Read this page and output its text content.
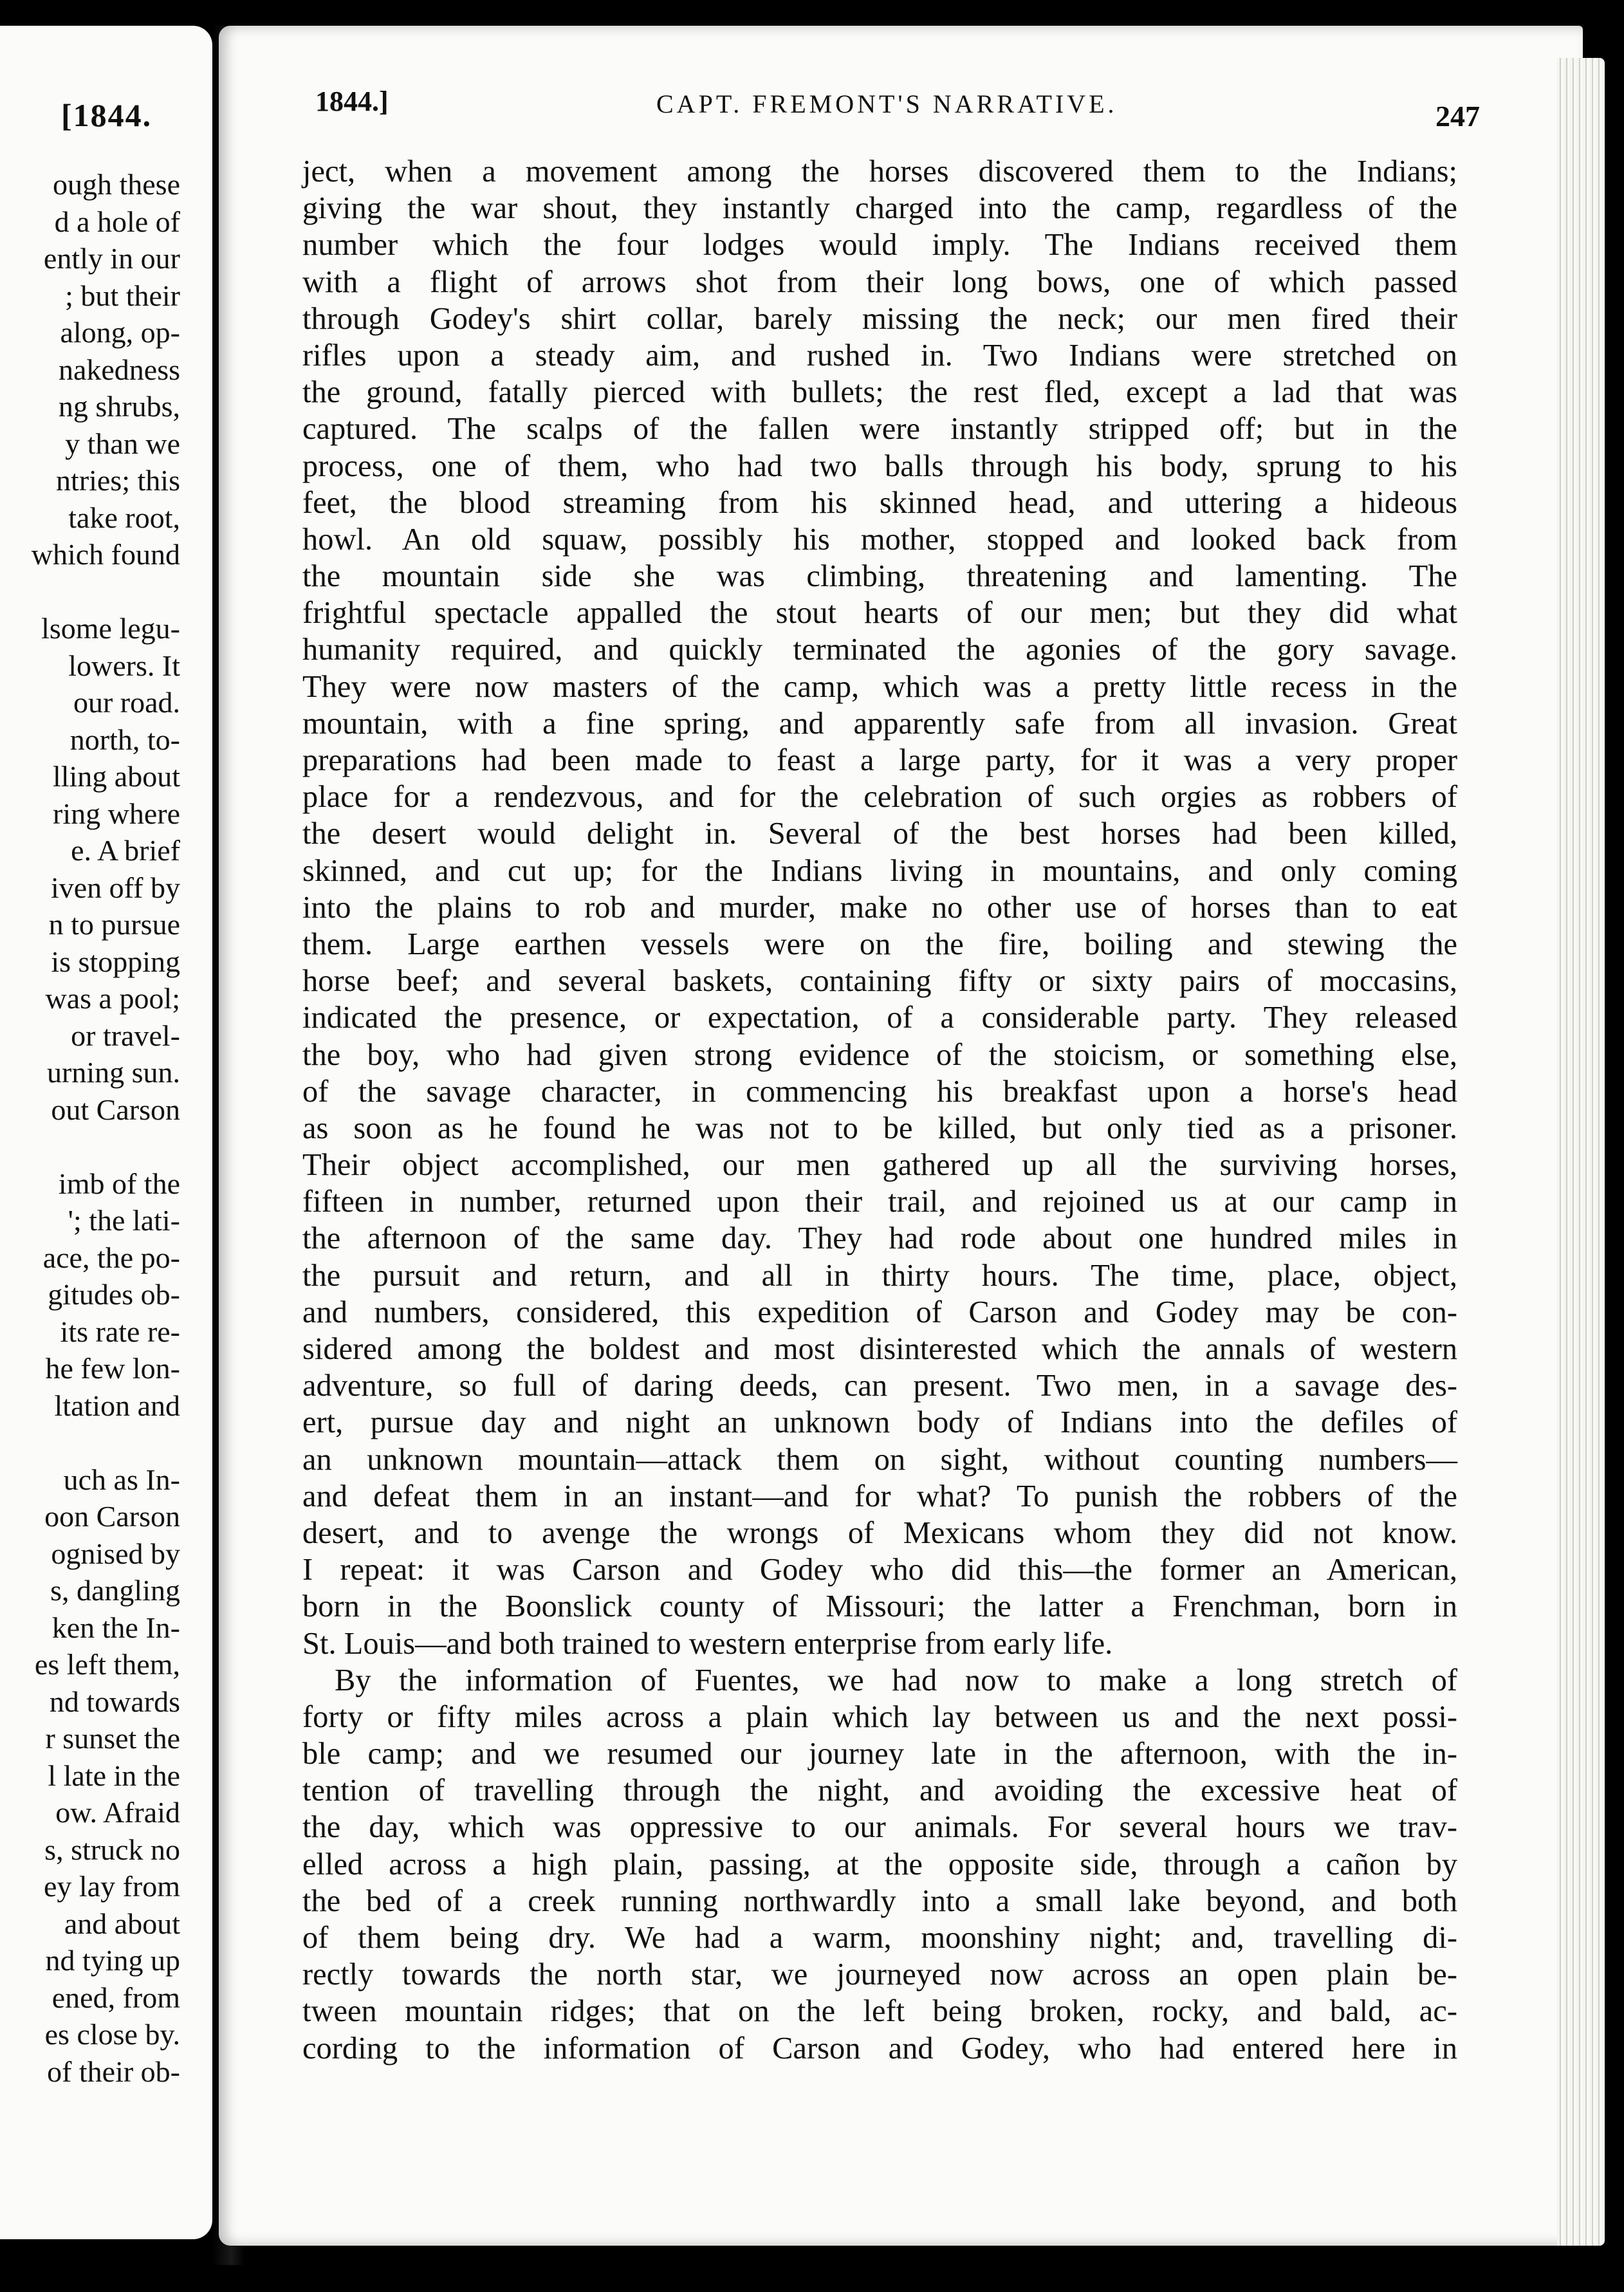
[1844.
ough these
d a hole of
ently in our
; but their
along, op-
nakedness
ng shrubs,
y than we
ntries; this
take root,
which found

lsome legu-
lowers. It
our road.
north, to-
lling about
ring where
e. A brief
iven off by
n to pursue
is stopping
was a pool;
or travel-
urning sun.
out Carson

imb of the
'; the lati-
ace, the po-
gitudes ob-
its rate re-
he few lon-
ltation and

uch as In-
oon Carson
ognised by
s, dangling
ken the In-
es left them,
nd towards
r sunset the
l late in the
ow. Afraid
s, struck no
ey lay from
and about
nd tying up
ened, from
es close by.
of their ob-
1844.]	CAPT. FREMONT'S NARRATIVE.	247
ject, when a movement among the horses discovered them to the Indians;
giving the war shout, they instantly charged into the camp, regardless of the
number which the four lodges would imply. The Indians received them
with a flight of arrows shot from their long bows, one of which passed
through Godey's shirt collar, barely missing the neck; our men fired their
rifles upon a steady aim, and rushed in. Two Indians were stretched on
the ground, fatally pierced with bullets; the rest fled, except a lad that was
captured. The scalps of the fallen were instantly stripped off; but in the
process, one of them, who had two balls through his body, sprung to his
feet, the blood streaming from his skinned head, and uttering a hideous
howl. An old squaw, possibly his mother, stopped and looked back from
the mountain side she was climbing, threatening and lamenting. The
frightful spectacle appalled the stout hearts of our men; but they did what
humanity required, and quickly terminated the agonies of the gory savage.
They were now masters of the camp, which was a pretty little recess in the
mountain, with a fine spring, and apparently safe from all invasion. Great
preparations had been made to feast a large party, for it was a very proper
place for a rendezvous, and for the celebration of such orgies as robbers of
the desert would delight in. Several of the best horses had been killed,
skinned, and cut up; for the Indians living in mountains, and only coming
into the plains to rob and murder, make no other use of horses than to eat
them. Large earthen vessels were on the fire, boiling and stewing the
horse beef; and several baskets, containing fifty or sixty pairs of moccasins,
indicated the presence, or expectation, of a considerable party. They released
the boy, who had given strong evidence of the stoicism, or something else,
of the savage character, in commencing his breakfast upon a horse's head
as soon as he found he was not to be killed, but only tied as a prisoner.
Their object accomplished, our men gathered up all the surviving horses,
fifteen in number, returned upon their trail, and rejoined us at our camp in
the afternoon of the same day. They had rode about one hundred miles in
the pursuit and return, and all in thirty hours. The time, place, object,
and numbers, considered, this expedition of Carson and Godey may be con-
sidered among the boldest and most disinterested which the annals of western
adventure, so full of daring deeds, can present. Two men, in a savage des-
ert, pursue day and night an unknown body of Indians into the defiles of
an unknown mountain—attack them on sight, without counting numbers—
and defeat them in an instant—and for what? To punish the robbers of the
desert, and to avenge the wrongs of Mexicans whom they did not know.
I repeat: it was Carson and Godey who did this—the former an American,
born in the Boonslick county of Missouri; the latter a Frenchman, born in
St. Louis—and both trained to western enterprise from early life.
By the information of Fuentes, we had now to make a long stretch of
forty or fifty miles across a plain which lay between us and the next possi-
ble camp; and we resumed our journey late in the afternoon, with the in-
tention of travelling through the night, and avoiding the excessive heat of
the day, which was oppressive to our animals. For several hours we trav-
elled across a high plain, passing, at the opposite side, through a cañon by
the bed of a creek running northwardly into a small lake beyond, and both
of them being dry. We had a warm, moonshiny night; and, travelling di-
rectly towards the north star, we journeyed now across an open plain be-
tween mountain ridges; that on the left being broken, rocky, and bald, ac-
cording to the information of Carson and Godey, who had entered here in
